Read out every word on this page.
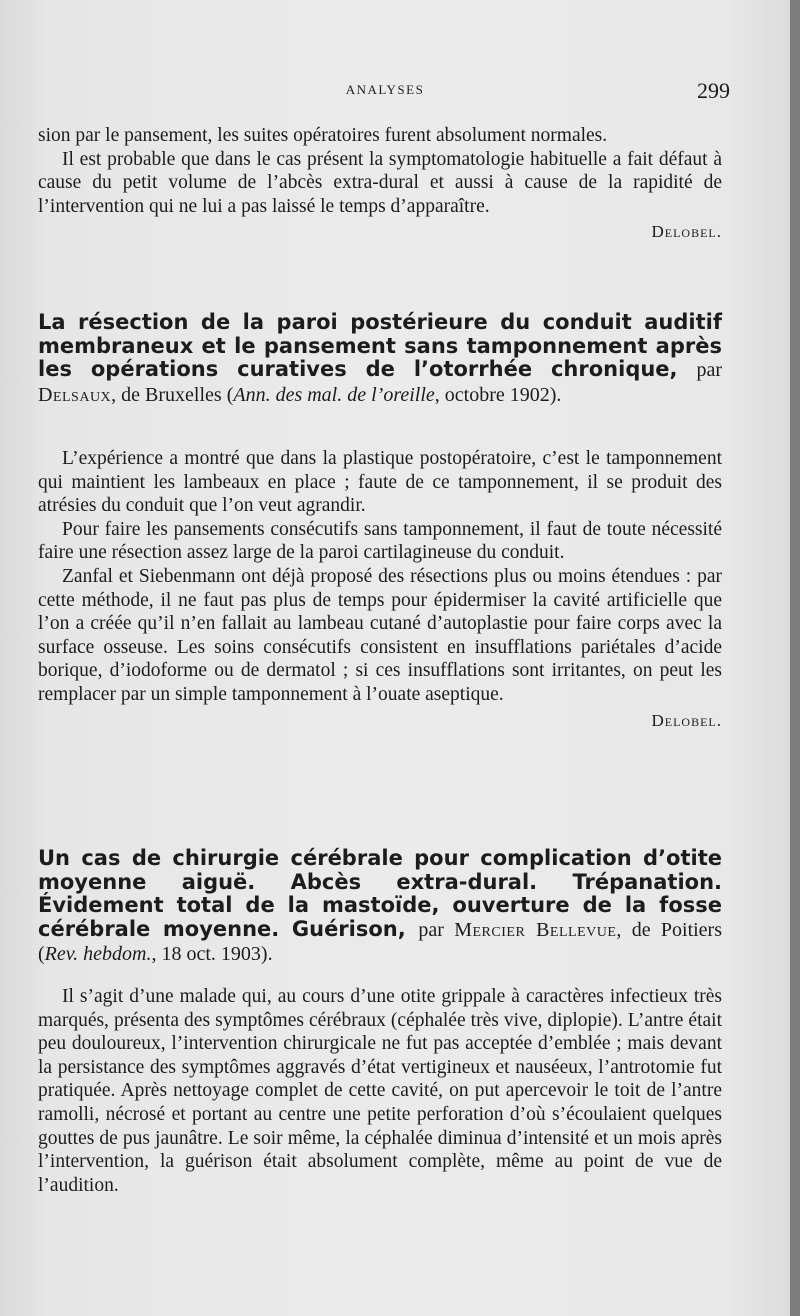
ANALYSES	299

sion par le pansement, les suites opératoires furent absolument normales.

Il est probable que dans le cas présent la symptomatologie habituelle a fait défaut à cause du petit volume de l’abcès extra-dural et aussi à cause de la rapidité de l’intervention qui ne lui a pas laissé le temps d’apparaître.

Delobel.

La résection de la paroi postérieure du conduit auditif membraneux et le pansement sans tamponnement après les opérations curatives de l’otorrhée chronique, par Delsaux, de Bruxelles (Ann. des mal. de l’oreille, octobre 1902).

L’expérience a montré que dans la plastique postopératoire, c’est le tamponnement qui maintient les lambeaux en place ; faute de ce tamponnement, il se produit des atrésies du conduit que l’on veut agrandir.

Pour faire les pansements consécutifs sans tamponnement, il faut de toute nécessité faire une résection assez large de la paroi cartilagineuse du conduit.

Zanfal et Siebenmann ont déjà proposé des résections plus ou moins étendues : par cette méthode, il ne faut pas plus de temps pour épidermiser la cavité artificielle que l’on a créée qu’il n’en fallait au lambeau cutané d’autoplastie pour faire corps avec la surface osseuse. Les soins consécutifs consistent en insufflations pariétales d’acide borique, d’iodoforme ou de dermatol ; si ces insufflations sont irritantes, on peut les remplacer par un simple tamponnement à l’ouate aseptique.

Delobel.

Un cas de chirurgie cérébrale pour complication d’otite moyenne aiguë. Abcès extra-dural. Trépanation. Évidement total de la mastoïde, ouverture de la fosse cérébrale moyenne. Guérison, par Mercier Bellevue, de Poitiers (Rev. hebdom., 18 oct. 1903).

Il s’agit d’une malade qui, au cours d’une otite grippale à caractères infectieux très marqués, présenta des symptômes cérébraux (céphalée très vive, diplopie). L’antre était peu douloureux, l’intervention chirurgicale ne fut pas acceptée d’emblée ; mais devant la persistance des symptômes aggravés d’état vertigineux et nauséeux, l’antrotomie fut pratiquée. Après nettoyage complet de cette cavité, on put apercevoir le toit de l’antre ramolli, nécrosé et portant au centre une petite perforation d’où s’écoulaient quelques gouttes de pus jaunâtre. Le soir même, la céphalée diminua d’intensité et un mois après l’intervention, la guérison était absolument complète, même au point de vue de l’audition.
